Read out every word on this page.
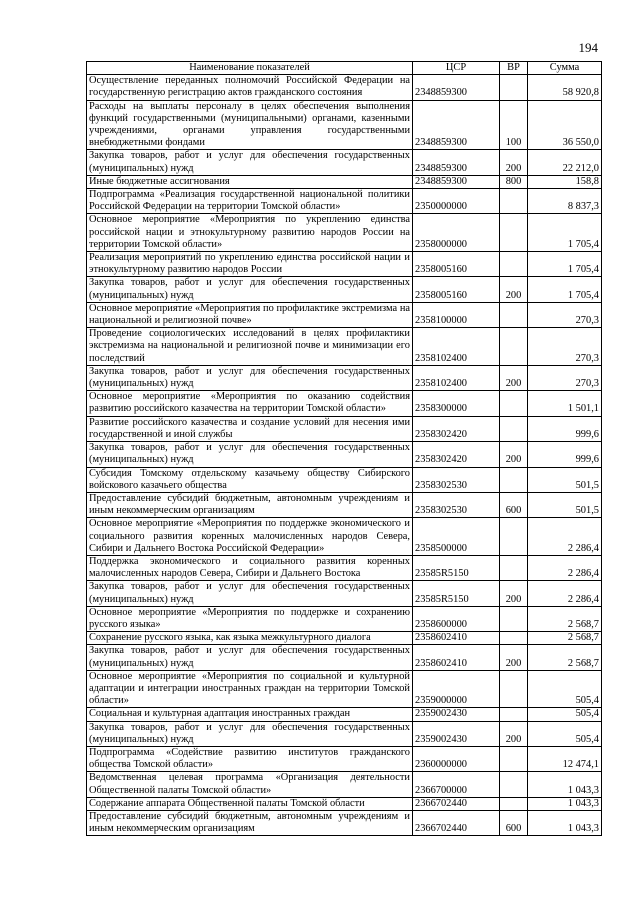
194
Наименование показателей	ЦСР	ВР	Сумма
Осуществление переданных полномочий Российской Федерации на государственную регистрацию актов гражданского состояния	2348859300		58 920,8
Расходы на выплаты персоналу в целях обеспечения выполнения функций государственными (муниципальными) органами, казенными учреждениями, органами управления государственными внебюджетными фондами	2348859300	100	36 550,0
Закупка товаров, работ и услуг для обеспечения государственных (муниципальных) нужд	2348859300	200	22 212,0
Иные бюджетные ассигнования	2348859300	800	158,8
Подпрограмма «Реализация государственной национальной политики Российской Федерации на территории Томской области»	2350000000		8 837,3
Основное мероприятие «Мероприятия по укреплению единства российской нации и этнокультурному развитию народов России на территории Томской области»	2358000000		1 705,4
Реализация мероприятий по укреплению единства российской нации и этнокультурному развитию народов России	2358005160		1 705,4
Закупка товаров, работ и услуг для обеспечения государственных (муниципальных) нужд	2358005160	200	1 705,4
Основное мероприятие «Мероприятия по профилактике экстремизма на национальной и религиозной почве»	2358100000		270,3
Проведение социологических исследований в целях профилактики экстремизма на национальной и религиозной почве и минимизации его последствий	2358102400		270,3
Закупка товаров, работ и услуг для обеспечения государственных (муниципальных) нужд	2358102400	200	270,3
Основное мероприятие «Мероприятия по оказанию содействия развитию российского казачества на территории Томской области»	2358300000		1 501,1
Развитие российского казачества и создание условий для несения ими государственной и иной службы	2358302420		999,6
Закупка товаров, работ и услуг для обеспечения государственных (муниципальных) нужд	2358302420	200	999,6
Субсидия Томскому отдельскому казачьему обществу Сибирского войскового казачьего общества	2358302530		501,5
Предоставление субсидий бюджетным, автономным учреждениям и иным некоммерческим организациям	2358302530	600	501,5
Основное мероприятие «Мероприятия по поддержке экономического и социального развития коренных малочисленных народов Севера, Сибири и Дальнего Востока Российской Федерации»	2358500000		2 286,4
Поддержка экономического и социального развития коренных малочисленных народов Севера, Сибири и Дальнего Востока	23585R5150		2 286,4
Закупка товаров, работ и услуг для обеспечения государственных (муниципальных) нужд	23585R5150	200	2 286,4
Основное мероприятие «Мероприятия по поддержке и сохранению русского языка»	2358600000		2 568,7
Сохранение русского языка, как языка межкультурного диалога	2358602410		2 568,7
Закупка товаров, работ и услуг для обеспечения государственных (муниципальных) нужд	2358602410	200	2 568,7
Основное мероприятие «Мероприятия по социальной и культурной адаптации и интеграции иностранных граждан на территории Томской области»	2359000000		505,4
Социальная и культурная адаптация иностранных граждан	2359002430		505,4
Закупка товаров, работ и услуг для обеспечения государственных (муниципальных) нужд	2359002430	200	505,4
Подпрограмма «Содействие развитию институтов гражданского общества Томской области»	2360000000		12 474,1
Ведомственная целевая программа «Организация деятельности Общественной палаты Томской области»	2366700000		1 043,3
Содержание аппарата Общественной палаты Томской области	2366702440		1 043,3
Предоставление субсидий бюджетным, автономным учреждениям и иным некоммерческим организациям	2366702440	600	1 043,3
